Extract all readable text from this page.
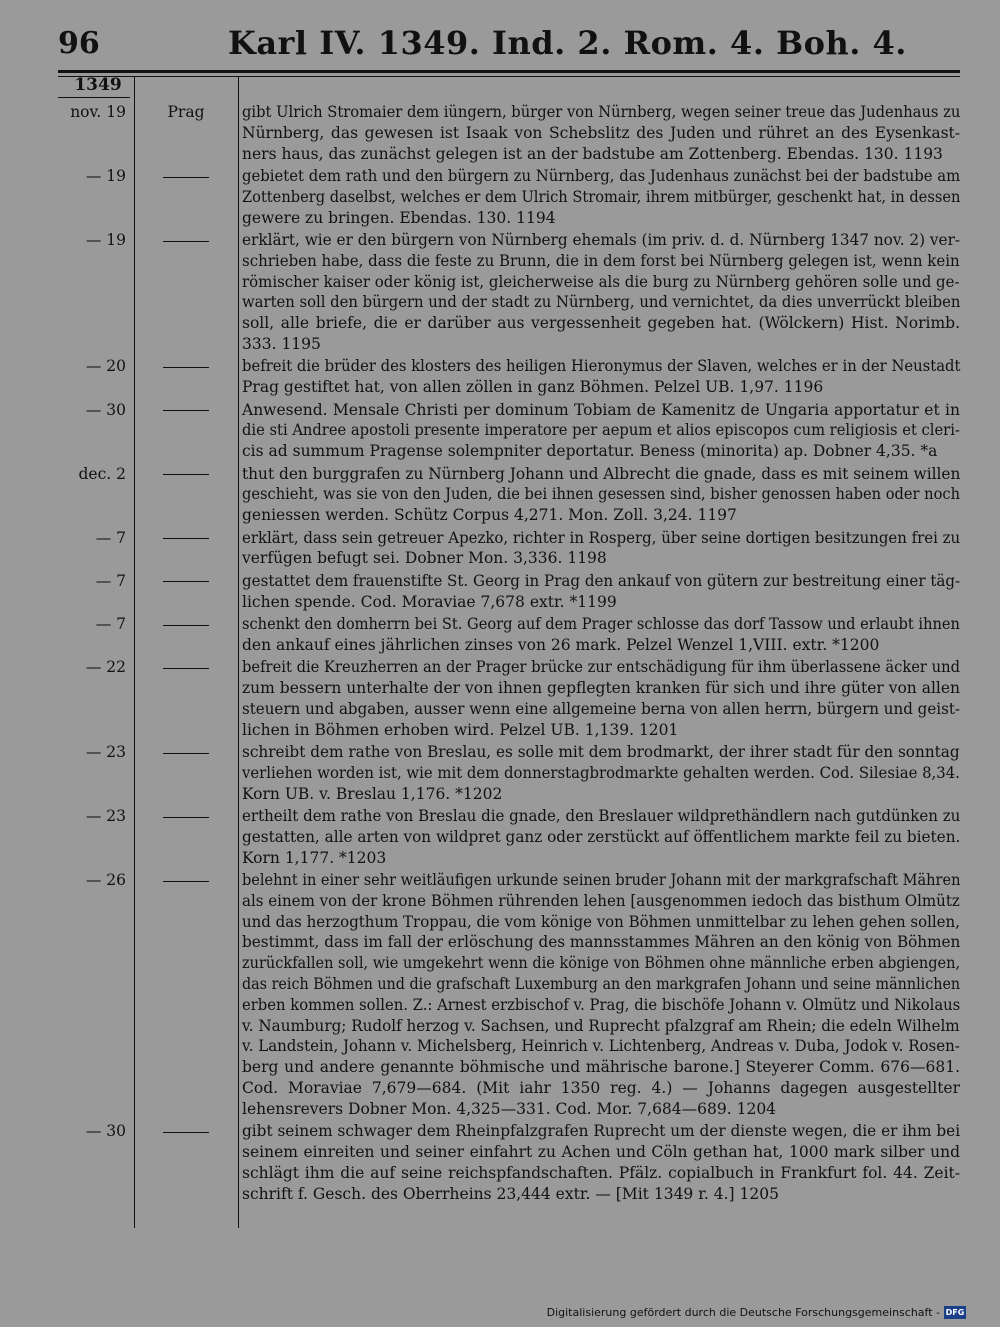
96	Karl IV. 1349. Ind. 2. Rom. 4. Boh. 4.
1349
nov. 19	Prag	gibt Ulrich Stromaier dem iüngern, bürger von Nürnberg, wegen seiner treue das Judenhaus zu
Nürnberg, das gewesen ist Isaak von Schebslitz des Juden und rühret an des Eysenkast-
ners haus, das zunächst gelegen ist an der badstube am Zottenberg. Ebendas. 130. 1193
— 19	gebietet dem rath und den bürgern zu Nürnberg, das Judenhaus zunächst bei der badstube am
Zottenberg daselbst, welches er dem Ulrich Stromair, ihrem mitbürger, geschenkt hat, in dessen
gewere zu bringen. Ebendas. 130. 1194
— 19	erklärt, wie er den bürgern von Nürnberg ehemals (im priv. d. d. Nürnberg 1347 nov. 2) ver-
schrieben habe, dass die feste zu Brunn, die in dem forst bei Nürnberg gelegen ist, wenn kein
römischer kaiser oder könig ist, gleicherweise als die burg zu Nürnberg gehören solle und ge-
warten soll den bürgern und der stadt zu Nürnberg, und vernichtet, da dies unverrückt bleiben
soll, alle briefe, die er darüber aus vergessenheit gegeben hat. (Wölckern) Hist. Norimb.
333. 1195
— 20	befreit die brüder des klosters des heiligen Hieronymus der Slaven, welches er in der Neustadt
Prag gestiftet hat, von allen zöllen in ganz Böhmen. Pelzel UB. 1,97. 1196
— 30	Anwesend. Mensale Christi per dominum Tobiam de Kamenitz de Ungaria apportatur et in
die sti Andree apostoli presente imperatore per aepum et alios episcopos cum religiosis et cleri-
cis ad summum Pragense solempniter deportatur. Beness (minorita) ap. Dobner 4,35. *a
dec. 2	thut den burggrafen zu Nürnberg Johann und Albrecht die gnade, dass es mit seinem willen
geschieht, was sie von den Juden, die bei ihnen gesessen sind, bisher genossen haben oder noch
geniessen werden. Schütz Corpus 4,271. Mon. Zoll. 3,24. 1197
— 7	erklärt, dass sein getreuer Apezko, richter in Rosperg, über seine dortigen besitzungen frei zu
verfügen befugt sei. Dobner Mon. 3,336. 1198
— 7	gestattet dem frauenstifte St. Georg in Prag den ankauf von gütern zur bestreitung einer täg-
lichen spende. Cod. Moraviae 7,678 extr. *1199
— 7	schenkt den domherrn bei St. Georg auf dem Prager schlosse das dorf Tassow und erlaubt ihnen
den ankauf eines jährlichen zinses von 26 mark. Pelzel Wenzel 1,VIII. extr. *1200
— 22	befreit die Kreuzherren an der Prager brücke zur entschädigung für ihm überlassene äcker und
zum bessern unterhalte der von ihnen gepflegten kranken für sich und ihre güter von allen
steuern und abgaben, ausser wenn eine allgemeine berna von allen herrn, bürgern und geist-
lichen in Böhmen erhoben wird. Pelzel UB. 1,139. 1201
— 23	schreibt dem rathe von Breslau, es solle mit dem brodmarkt, der ihrer stadt für den sonntag
verliehen worden ist, wie mit dem donnerstagbrodmarkte gehalten werden. Cod. Silesiae 8,34.
Korn UB. v. Breslau 1,176. *1202
— 23	ertheilt dem rathe von Breslau die gnade, den Breslauer wildprethändlern nach gutdünken zu
gestatten, alle arten von wildpret ganz oder zerstückt auf öffentlichem markte feil zu bieten.
Korn 1,177. *1203
— 26	belehnt in einer sehr weitläufigen urkunde seinen bruder Johann mit der markgrafschaft Mähren
als einem von der krone Böhmen rührenden lehen [ausgenommen iedoch das bisthum Olmütz
und das herzogthum Troppau, die vom könige von Böhmen unmittelbar zu lehen gehen sollen,
bestimmt, dass im fall der erlöschung des mannsstammes Mähren an den könig von Böhmen
zurückfallen soll, wie umgekehrt wenn die könige von Böhmen ohne männliche erben abgiengen,
das reich Böhmen und die grafschaft Luxemburg an den markgrafen Johann und seine männlichen
erben kommen sollen. Z.: Arnest erzbischof v. Prag, die bischöfe Johann v. Olmütz und Nikolaus
v. Naumburg; Rudolf herzog v. Sachsen, und Ruprecht pfalzgraf am Rhein; die edeln Wilhelm
v. Landstein, Johann v. Michelsberg, Heinrich v. Lichtenberg, Andreas v. Duba, Jodok v. Rosen-
berg und andere genannte böhmische und mährische barone.] Steyerer Comm. 676—681.
Cod. Moraviae 7,679—684. (Mit iahr 1350 reg. 4.) — Johanns dagegen ausgestellter
lehensrevers Dobner Mon. 4,325—331. Cod. Mor. 7,684—689. 1204
— 30	gibt seinem schwager dem Rheinpfalzgrafen Ruprecht um der dienste wegen, die er ihm bei
seinem einreiten und seiner einfahrt zu Achen und Cöln gethan hat, 1000 mark silber und
schlägt ihm die auf seine reichspfandschaften. Pfälz. copialbuch in Frankfurt fol. 44. Zeit-
schrift f. Gesch. des Oberrheins 23,444 extr. — [Mit 1349 r. 4.] 1205
Digitalisierung gefördert durch die Deutsche Forschungsgemeinschaft - DFG
